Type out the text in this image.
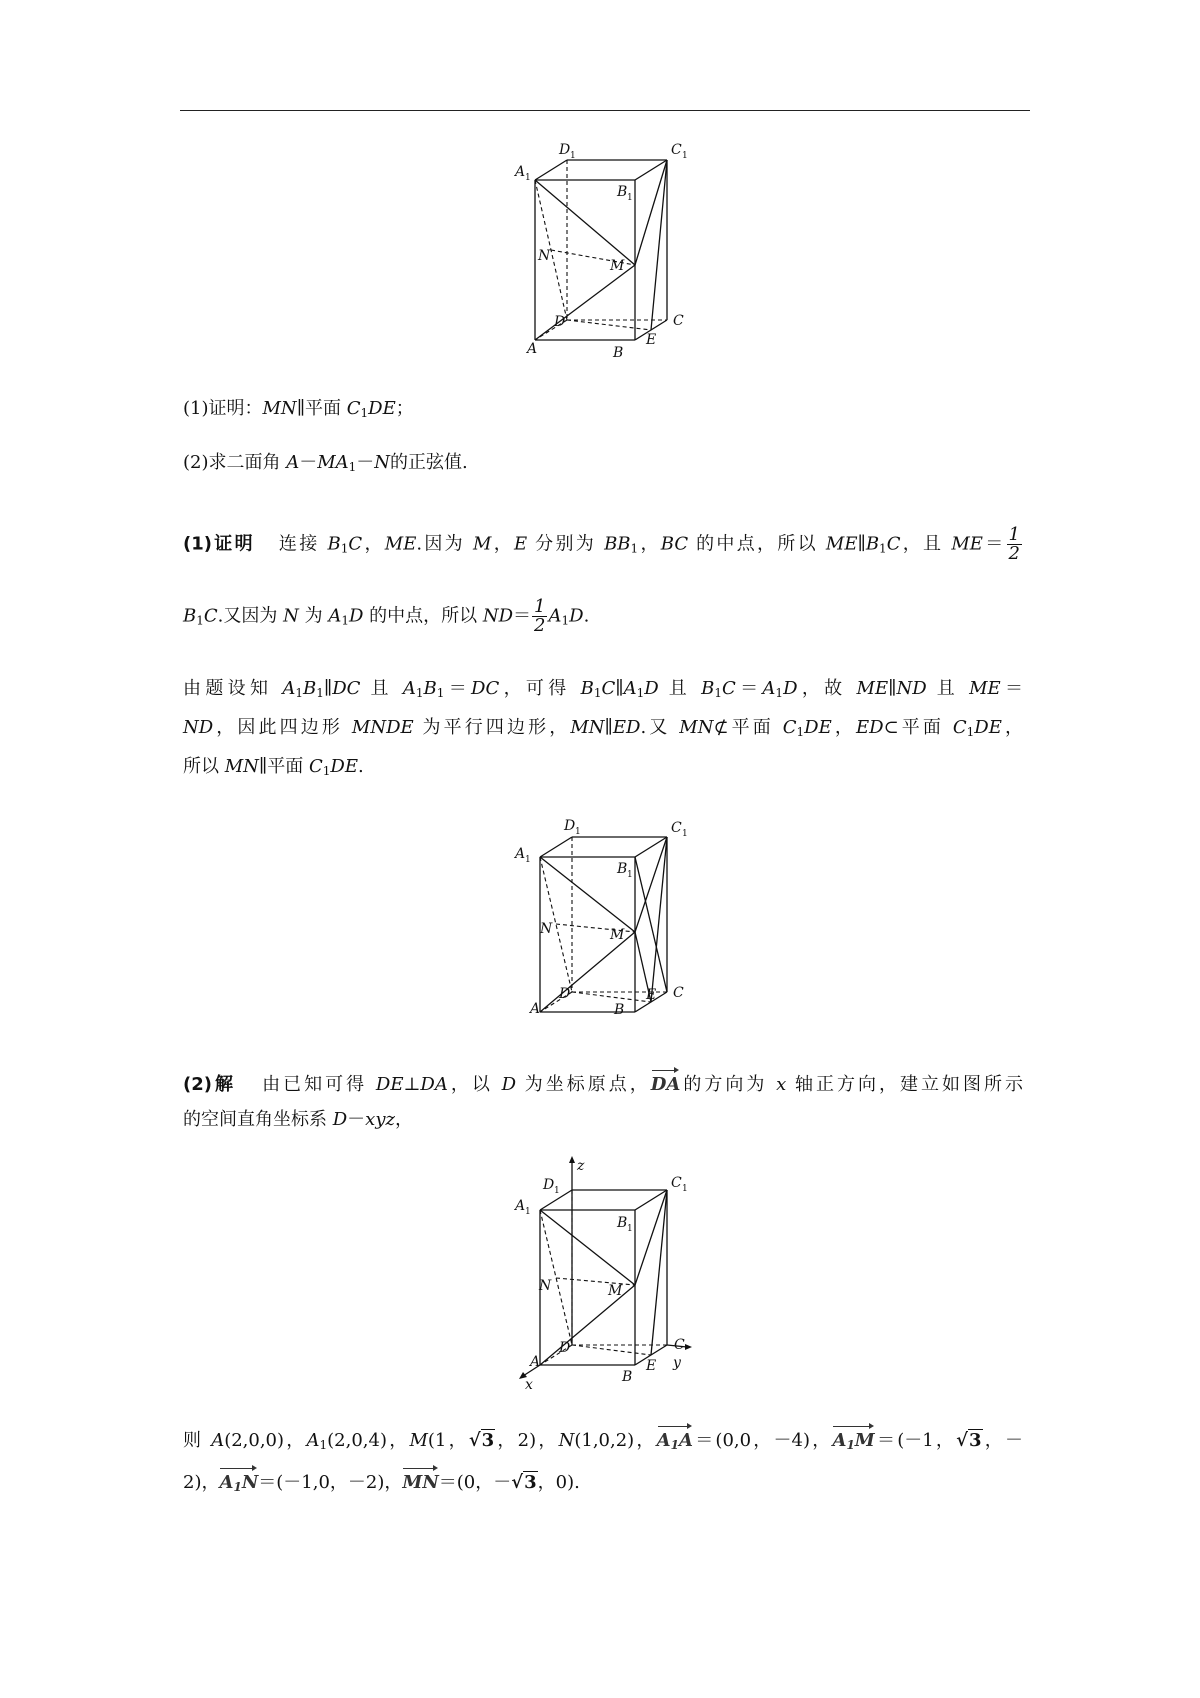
D 1	C 1
A 1
B 1
N
M
D	C
A	B
E
(1)证明：MN∥平面 $C_1DE$；
(2)求二面角 $A-MA_1-N$的正弦值.
(1)证明 连接 $B_1C$，ME.因为 M，E 分别为 $BB_1$，BC 的中点，所以 $ME\parallel B_1C$，且 $ME= \frac{1}{2}$
$B_1C$.又因为 N 为 $A_1D$ 的中点，所以 $ND= \frac{1}{2} A_1D$.
由题设知 $A_1B_1\parallel DC$ 且 $A_1B_1=DC$，可得 $B_1C\parallel A_1D$ 且 $B_1C=A_1D$，故 ME∥ND 且 ME＝
ND，因此四边形 MNDE 为平行四边形，MN∥ED.又 MN⊄平面 $C_1DE$，ED⊂平面 $C_1DE$，
所以 MN∥平面 $C_1DE$.
D 1	C 1
A 1
B 1
N	M
D	C
A	B
E
(2)解 由已知可得 DE⊥DA，以 D 为坐标原点，DA的方向为 x 轴正方向，建立如图所示
的空间直角坐标系 D－xyz，
z
D 1	C 1
A 1
B 1
N	M
D	C
A
B
E y
x
则 A(2,0,0)，$A_1(2,0,4)$，M(1，√3，2)，N(1,0,2)，$A_1A=(0,0$，－4)，$A_1M=(-1$，√3，－
2)，$A_1N=(-1,0$，－2)，MN＝(0，－√3，0).
